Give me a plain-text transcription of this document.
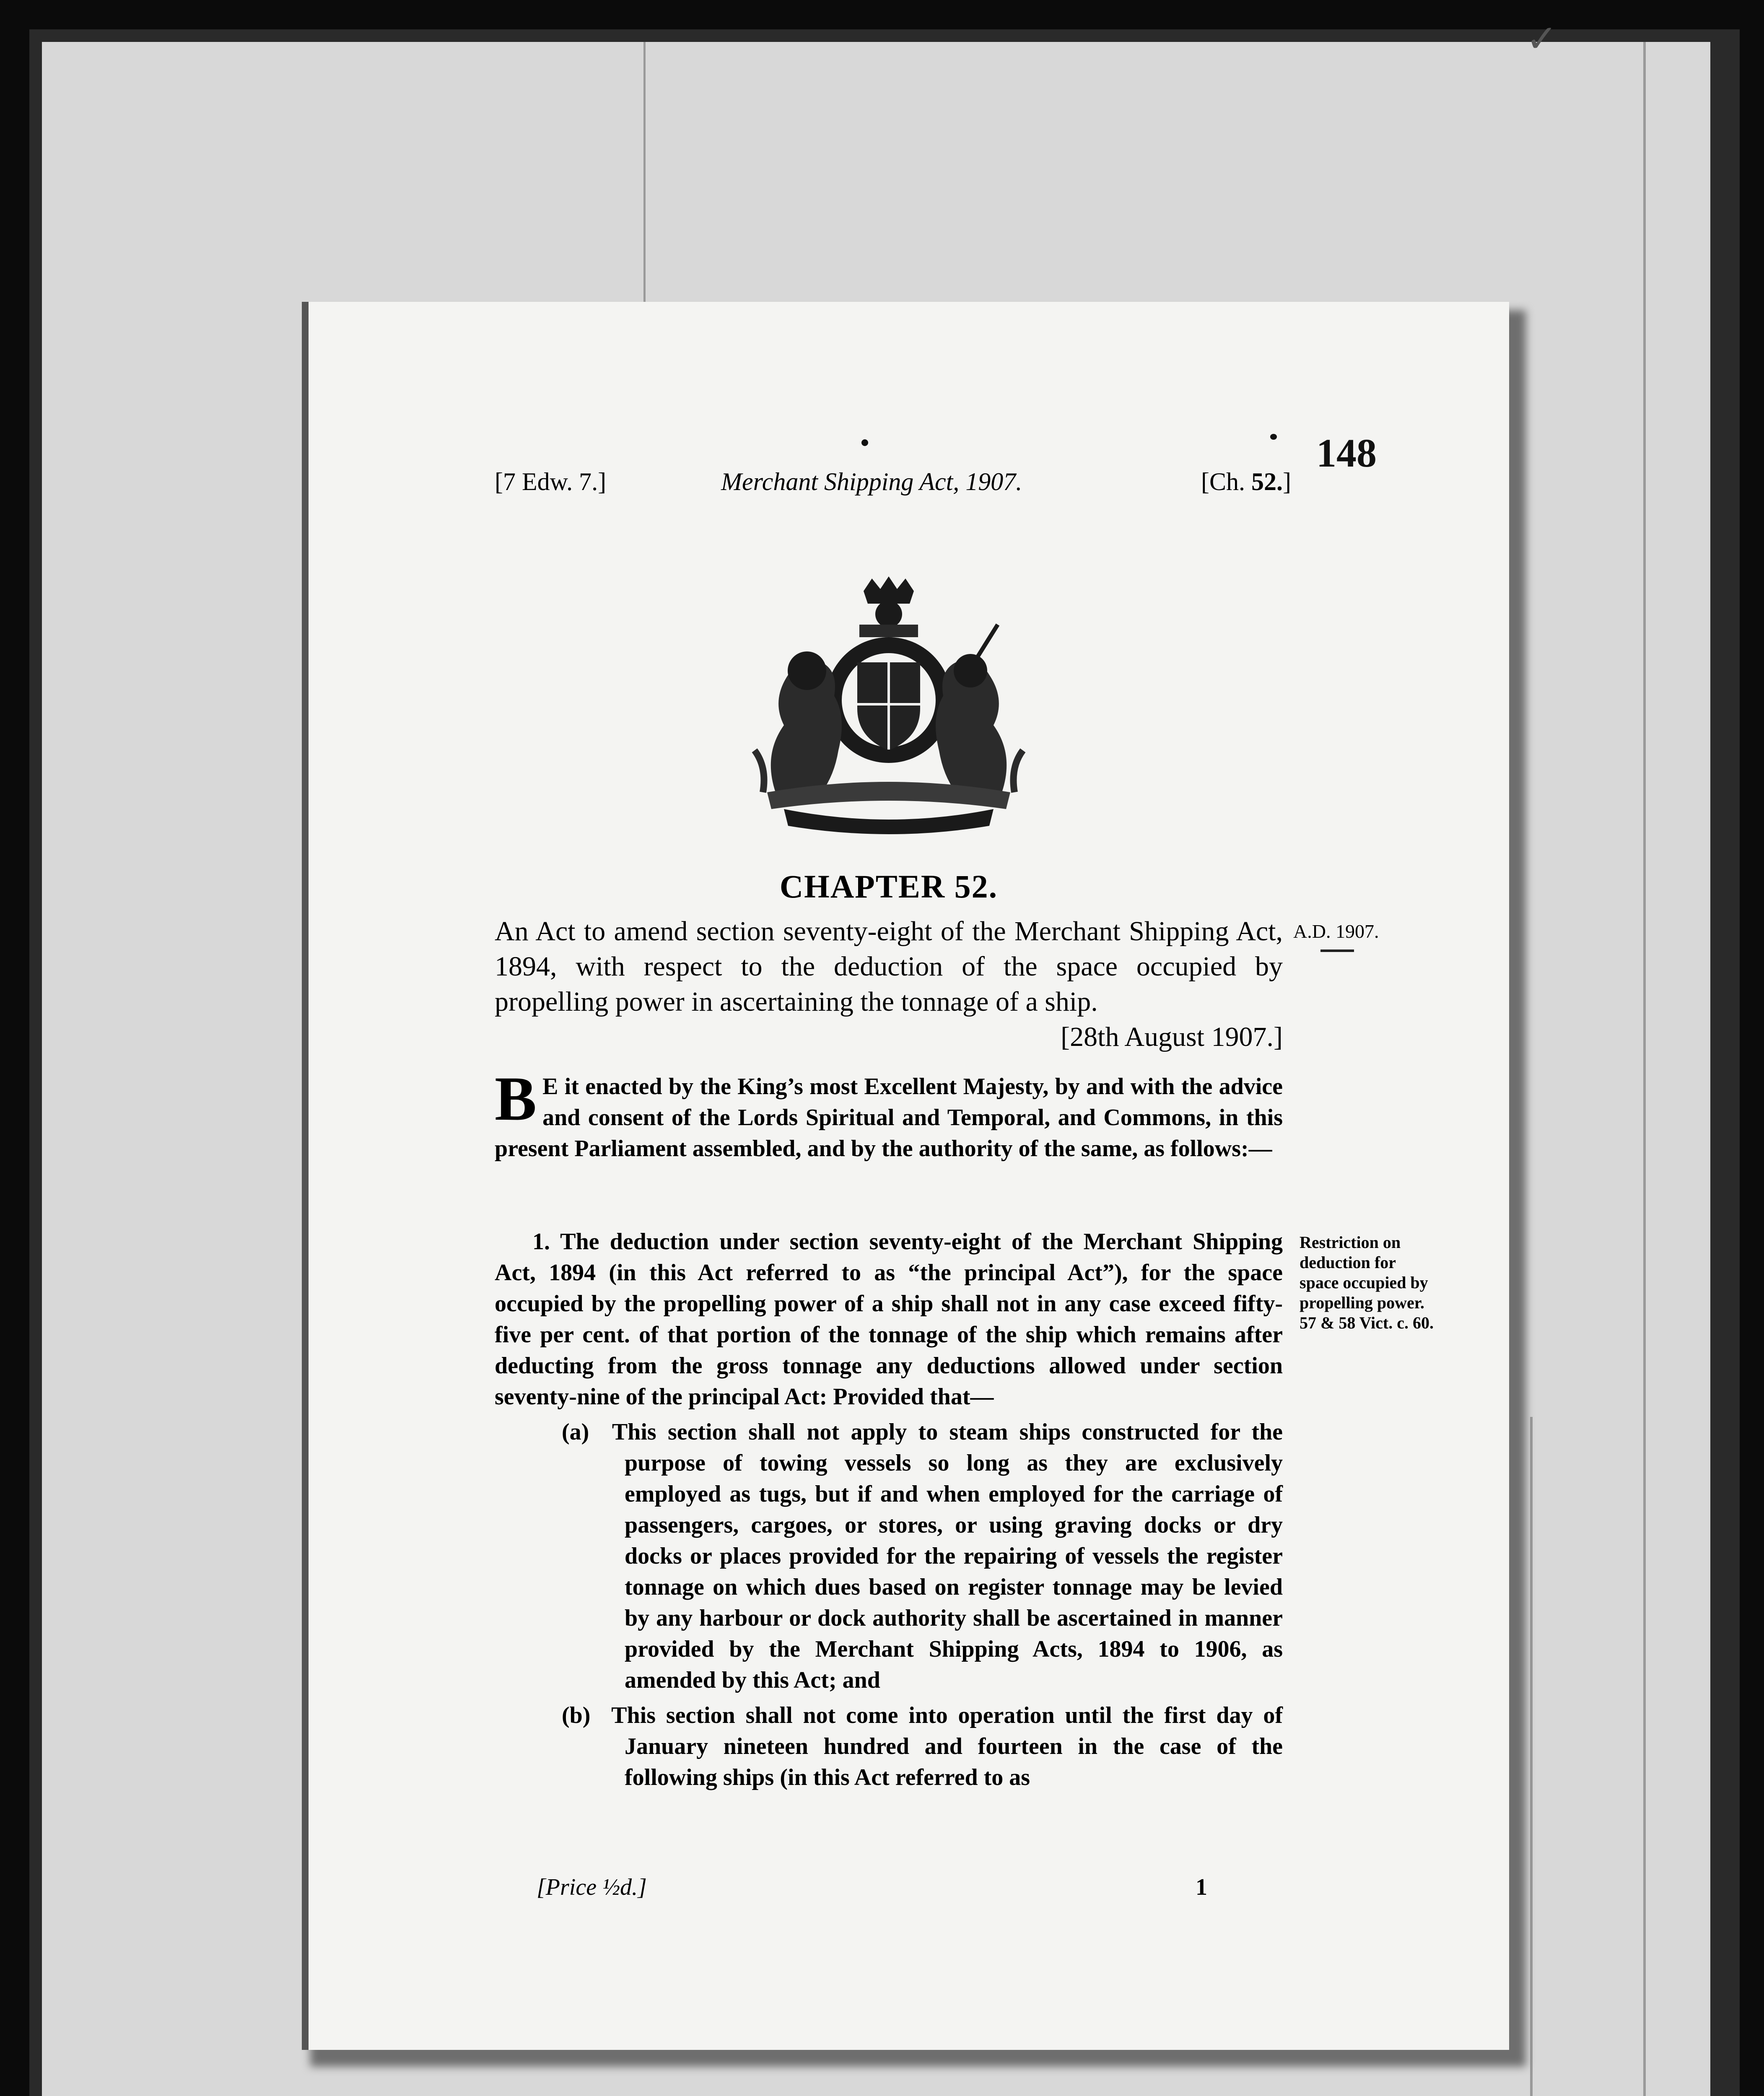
✓
148
[7 Edw. 7.]	Merchant Shipping Act, 1907.	[Ch. 52.]
CHAPTER 52.
An Act to amend section seventy-eight of the Merchant Shipping Act, 1894, with respect to the deduction of the space occupied by propelling power in ascertaining the tonnage of a ship.
[28th August 1907.]
A.D. 1907.
B E it enacted by the King’s most Excellent Majesty, by and with the advice and consent of the Lords Spiritual and Temporal, and Commons, in this present Parliament assembled, and by the authority of the same, as follows:—

1. The deduction under section seventy-eight of the Merchant Shipping Act, 1894 (in this Act referred to as “the principal Act”), for the space occupied by the propelling power of a ship shall not in any case exceed fifty-five per cent. of that portion of the tonnage of the ship which remains after deducting from the gross tonnage any deductions allowed under section seventy-nine of the principal Act: Provided that—

(a) This section shall not apply to steam ships constructed for the purpose of towing vessels so long as they are exclusively employed as tugs, but if and when employed for the carriage of passengers, cargoes, or stores, or using graving docks or dry docks or places provided for the repairing of vessels the register tonnage on which dues based on register tonnage may be levied by any harbour or dock authority shall be ascertained in manner provided by the Merchant Shipping Acts, 1894 to 1906, as amended by this Act; and

(b) This section shall not come into operation until the first day of January nineteen hundred and fourteen in the case of the following ships (in this Act referred to as

Restriction on deduction for space occupied by propelling power. 57 & 58 Vict. c. 60.
[Price ½d.]	1
